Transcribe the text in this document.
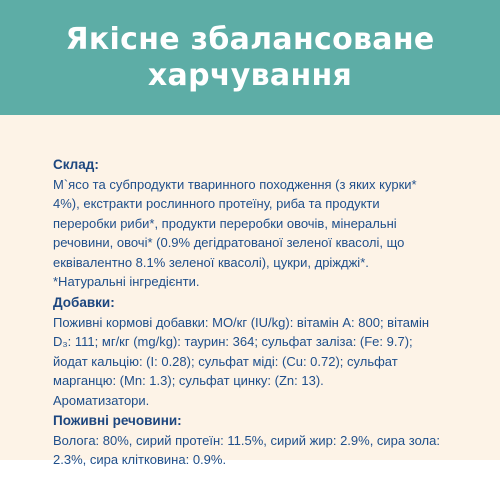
Якісне збалансоване
харчування
Склад:
М`ясо та субпродукти тваринного походження (з яких курки*
4%), екстракти рослинного протеїну, риба та продукти
переробки риби*, продукти переробки овочів, мінеральні
речовини, овочі* (0.9% дегідратованої зеленої квасолі, що
еквівалентно 8.1% зеленої квасолі), цукри, дріжджі*.
*Натуральні інгредієнти.
Добавки:
Поживні кормові добавки: МО/кг (IU/kg): вітамін А: 800; вітамін
D₃: 111; мг/кг (mg/kg): таурин: 364; сульфат заліза: (Fe: 9.7);
йодат кальцію: (I: 0.28); сульфат міді: (Cu: 0.72); сульфат
марганцю: (Mn: 1.3); сульфат цинку: (Zn: 13).
Ароматизатори.
Поживні речовини:
Вологa: 80%, сирий протеїн: 11.5%, сирий жир: 2.9%, сира зола:
2.3%, сира клітковина: 0.9%.
